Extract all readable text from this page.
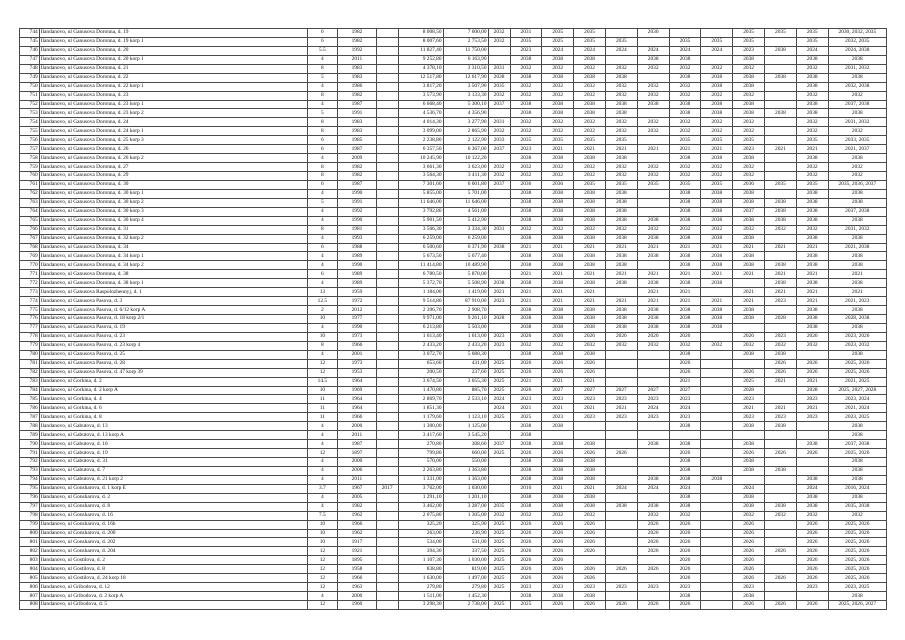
744	Ilandanovo, ul Ganusova Doronna, d. 19	6	1982		8 008,50	7 600,00	2032	2031	2035	2035		2030			2035	2035	2035	2030, 2032, 2035
745	Ilandanovo, ul Ganusova Doronna, d. 19 korp 1	6	1982		8 007,60	2 753,50	2032	2035	2025	2035	2035		2035	2035	2035		2035	2032, 2035
746	Ilandanovo, ul Ganusova Doronna, d. 20	5.5	1992		11 827,40	11 750,00		2023	2024	2024	2024	2024	2024	2024	2023	2038	2024	2024, 2038
747	Ilandanovo, ul Ganusova Doronna, d. 20 korp 1	4	2011		9 252,80	6 163,90		2038	2038	2038		2038	2038		2038		2038	2038
748	Ilandanovo, ul Ganusova Doronna, d. 21	8	1983		4 378,10	3 310,50	2031	2032	2032	2032	2032	2032	2032	2032	2032		2032	2031, 2032
749	Ilandanovo, ul Ganusova Doronna, d. 22	5	1983		12 517,80	12 617,90	2038	2038	2038	2038	2038		2038	2038	2038	2038	2038	2038
750	Ilandanovo, ul Ganusova Doronna, d. 22 korp 1	4	1986		3 817,20	3 507,90	2035	2032	2032	2032	2032	2032	2032	2038	2038		2038	2032, 2038
751	Ilandanovo, ul Ganusova Doronna, d. 23	8	1982		3 573,90	3 133,30	2032	2032	2032	2032	2032	2032	2032	2032	2032		2032	2032
752	Ilandanovo, ul Ganusova Doronna, d. 23 korp 1	4	1987		6 668,40	5 300,10	2037	2038	2038	2038	2038	2038	2038	2038	2038		2038	2037, 2038
753	Ilandanovo, ul Ganusova Doronna, d. 23 korp 2	5	1991		4 536,70	4 356,90		2038	2038	2038	2038		2038	2038	2038	2038	2038	2038
754	Ilandanovo, ul Ganusova Doronna, d. 24	8	1983		4 014,30	3 277,90	2031	2032	2032	2032	2032	2032	2032	2032	2032		2032	2031, 2032
755	Ilandanovo, ul Ganusova Doronna, d. 24 korp 1	8	1983		3 099,00	2 865,90	2032	2032	2032	2032	2032	2032	2032	2032	2032		2032	2032
756	Ilandanovo, ul Ganusova Doronna, d. 25 korp 3	6	1985		2 238,80	2 122,90	2033	2035	2035	2035	2035		2035	2035	2035		2035	2033, 2035
757	Ilandanovo, ul Ganusova Doronna, d. 26	6	1987		6 357,50	6 367,00	2037	2023	2021	2021	2021	2021	2021	2021	2023	2021	2021	2021, 2037
758	Ilandanovo, ul Ganusova Doronna, d. 26 korp 2	4	2009		10 245,90	10 122,20		2038	2038	2038	2038		2038	2038	2038		2038	2038
759	Ilandanovo, ul Ganusova Doronna, d. 27	8	1982		3 661,30	3 623,00	2032	2032	2032	2032	2032	2032	2032	2032	2032		2032	2032
760	Ilandanovo, ul Ganusova Doronna, d. 29	8	1982		3 564,30	3 411,30	2032	2032	2032	2032	2032	2032	2032	2032	2032		2032	2032
761	Ilandanovo, ul Ganusova Doronna, d. 30	6	1987		7 301,60	6 601,80	2037	2036	2036	2035	2035	2035	2035	2035	2036	2035	2035	2035, 2036, 2037
762	Ilandanovo, ul Ganusova Doronna, d. 30 korp 1	4	1990		5 855,00	5 701,00		2038	2038	2038	2038		2038	2038	2038		2038	2038
763	Ilandanovo, ul Ganusova Doronna, d. 30 korp 2	5	1991		11 646,00	11 646,00		2038	2038	2038	2038		2038	2038	2038	2038	2038	2038
764	Ilandanovo, ul Ganusova Doronna, d. 30 korp 3	4	1992		3 792,80	4 561,00		2038	2038	2038	2038		2038	2038	2037	2038	2038	2037, 2038
765	Ilandanovo, ul Ganusova Doronna, d. 30 korp 4	4	1990		5 901,50	5 412,90		2038	2038	2038	2038	2038	2038	2038	2038	2038	2038	2038
766	Ilandanovo, ul Ganusova Doronna, d. 31	8	1981		3 566,30	3 334,30	2031	2032	2032	2032	2032	2032	2032	2032	2032	2032	2032	2031, 2032
767	Ilandanovo, ul Ganusova Doronna, d. 32 korp 2	4	1993		6 259,00	6 259,00		2038	2038	2038	2038	2038	2038	2038	2038		2038	2038
768	Ilandanovo, ul Ganusova Doronna, d. 34	6	1988		6 500,60	6 371,90	2038	2021	2021	2021	2021	2021	2021	2021	2021	2021	2021	2021, 2038
769	Ilandanovo, ul Ganusova Doronna, d. 34 korp 1	4	1989		5 673,50	5 677,40		2038	2038	2038	2038	2038	2038	2038	2038		2038	2038
770	Ilandanovo, ul Ganusova Doronna, d. 34 korp 2	4	1990		11 414,80	10 489,90		2038	2038	2038	2038		2038	2038	2038	2038	2038	2038
771	Ilandanovo, ul Ganusova Doronna, d. 38	6	1989		6 780,50	5 878,00		2021	2021	2021	2021	2021	2021	2021	2021	2021	2021	2021
772	Ilandanovo, ul Ganusova Doronna, d. 38 korp 1	4	1989		5 372,70	5 508,90	2038	2038	2038	2038	2038	2038	2038	2038		2038	2038	2038
773	Ilandanovo, ul Ganusova Raspolozhennyj, d. 1	13	1959		1 184,00	1 419,00	2021	2021	2021	2021		2021	2021		2021	2021	2021	2021
774	Ilandanovo, ul Ganusova Pasova, d. 3	12.5	1972		9 514,80	87 910,00	2023	2021	2021	2021	2021	2021	2021	2021	2021	2023	2021	2021, 2023
775	Ilandanovo, ul Ganusova Pasova, d. 6/12 korp A	2	2012		2 396,70	2 908,70		2038	2038	2038	2038	2038	2038	2038	2038		2038	2038
776	Ilandanovo, ul Ganusova Pasova, d. 18 korp 2/1	10	1977		9 971,00	9 261,10	2028	2038	2038	2038	2038	2038	2038	2038	2038	2028	2038	2028, 2038
777	Ilandanovo, ul Ganusova Pasova, d. 19	4	1990		6 213,80	5 503,00		2038	2038	2038	2038	2038	2038	2038			2038	2038
778	Ilandanovo, ul Ganusova Pasova, d. 23	10	1973		1 613,40	1 613,00	2023	2026	2026	2026	2026	2026	2026		2026	2023	2026	2023, 2026
779	Ilandanovo, ul Ganusova Pasova, d. 23 korp 4	8	1966		2 433,20	2 433,20	2023	2032	2032	2032	2032	2032	2032	2032	2032	2032	2032	2023, 2032
780	Ilandanovo, ul Ganusova Pasova, d. 25	4	2001		3 072,70	5 688,30		2038	2038	2038			2038		2038	2038		2038
781	Ilandanovo, ul Ganusova Pasova, d. 28	12	1973		653,60	431,00	2025	2026	2026	2026			2026			2026	2026	2025, 2026
782	Ilandanovo, ul Ganusova Pasova, d. 47 korp 39	12	1953		200,50	237,60	2025	2026	2026	2026			2026		2026	2026	2026	2025, 2026
783	Ilandanovo, ul Gorkina, d. 2	14.5	1964		3 674,50	3 655,30	2025	2021	2021	2021			2021		2025	2021	2021	2021, 2025
784	Ilandanovo, ul Gorkina, d. 2 korp A	10	1969		1 470,80	885,70	2025	2026	2027	2027	2027	2027	2027		2028		2028	2025, 2027, 2028
785	Ilandanovo, ul Gorkina, d. 4	11	1964		2 869,70	2 533,10	2024	2023	2023	2023	2023	2023	2023		2023		2023	2023, 2024
786	Ilandanovo, ul Gorkina, d. 6	11	1964		1 851,30		2024	2021	2021	2021	2021	2024	2024		2021	2021	2021	2021, 2024
787	Ilandanovo, ul Gorkina, d. 8	11	1966		1 179,60	1 123,10	2025	2025	2023	2023	2023	2023	2023		2023	2023	2023	2023, 2025
788	Ilandanovo, ul Gabutova, d. 13	4	2000		1 300,00	1 125,00		2038	2038				2038		2038	2038		2038
789	Ilandanovo, ul Gabutova, d. 13 korp A	4	2011		3 417,60	3 545,20		2038										2038
790	Ilandanovo, ul Gabutova, d. 16	4	1987		270,80	308,60	2037	2038	2038	2038		2038	2038		2038		2038	2037, 2038
791	Ilandanovo, ul Gabutova, d. 19	12	1897		799,80	660,00	2025	2026	2026	2026	2026		2026		2026	2026	2026	2025, 2026
792	Ilandanovo, ul Gabutova, d. 31	4	2000		570,00	550,00		2038	2038	2038			2038		2038			2038
793	Ilandanovo, ul Gabutova, d. 7	4	2006		2 263,80	1 363,80		2038	2038	2038			2038		2038	2038		2038
794	Ilandanovo, ul Gabutova, d. 21 korp 2	4	2011		1 331,00	1 363,00		2038	2038	2038		2038	2038	2038			2038	2038
795	Ilandanovo, ul Gonsharova, d. 1 korp E	3.7	1967	2017	3 762,00	1 630,00		2016	2021	2021	2024	2024	2024		2024		2024	2016, 2024
796	Ilandanovo, ul Gonsharova, d. 2	4	2005		1 291,10	1 201,10		2038	2038	2038			2038		2038		2038	2038
797	Ilandanovo, ul Gonsharova, d. 8	4	1982		3 462,00	3 287,00	2035	2038	2038	2038	2038	2038	2038		2038	2038	2038	2035, 2038
798	Ilandanovo, ul Gonsharova, d. 16	7.5	1962		2 075,80	1 305,00	2032	2032	2032	2032		2032	2032		2032	2032	2032	2032
799	Ilandanovo, ul Gonsharova, d. 16b	10	1966		325,20	325,90	2025	2026	2026	2026		2026	2026		2026		2026	2025, 2026
800	Ilandanovo, ul Gonsharova, d. 200	10	1962		263,00	236,90	2025	2026	2026	2026		2026	2026		2026		2026	2025, 2026
801	Ilandanovo, ul Gonsharova, d. 202	10	1917		534,00	531,00	2025	2026	2026	2026		2026	2026		2026		2026	2025, 2026
802	Ilandanovo, ul Gonsharova, d. 204	12	1921		394,30	337,50	2025	2026	2026	2026		2026	2026		2026	2026	2026	2025, 2026
803	Ilandanovo, ul Gostilova, d. 2	12	1895		1 107,30	1 030,00	2025	2026	2026				2026		2026		2026	2025, 2026
804	Ilandanovo, ul Gostilova, d. 8	12	1958		838,80	819,00	2025	2026	2026	2026	2026	2026	2026		2026		2026	2025, 2026
805	Ilandanovo, ul Gostilova, d. 24 korp 18	12	1966		1 630,00	1 497,00	2025	2026	2026	2026			2026		2026	2026	2026	2025, 2026
806	Ilandanovo, ul Gribodova, d. 12	12	1963		279,80	279,80	2025	2023	2023	2023	2023	2023	2023		2023		2023	2023, 2025
807	Ilandanovo, ul Gribodova, d. 2 korp A	4	2000		1 511,00	1 452,30		2038	2038	2038			2038		2038			2038
808	Ilandanovo, ul Gribodova, d. 5	12	1960		3 298,30	2 738,00	2025	2025	2026	2026	2026	2026	2026		2026	2026	2026	2025, 2026, 2027
